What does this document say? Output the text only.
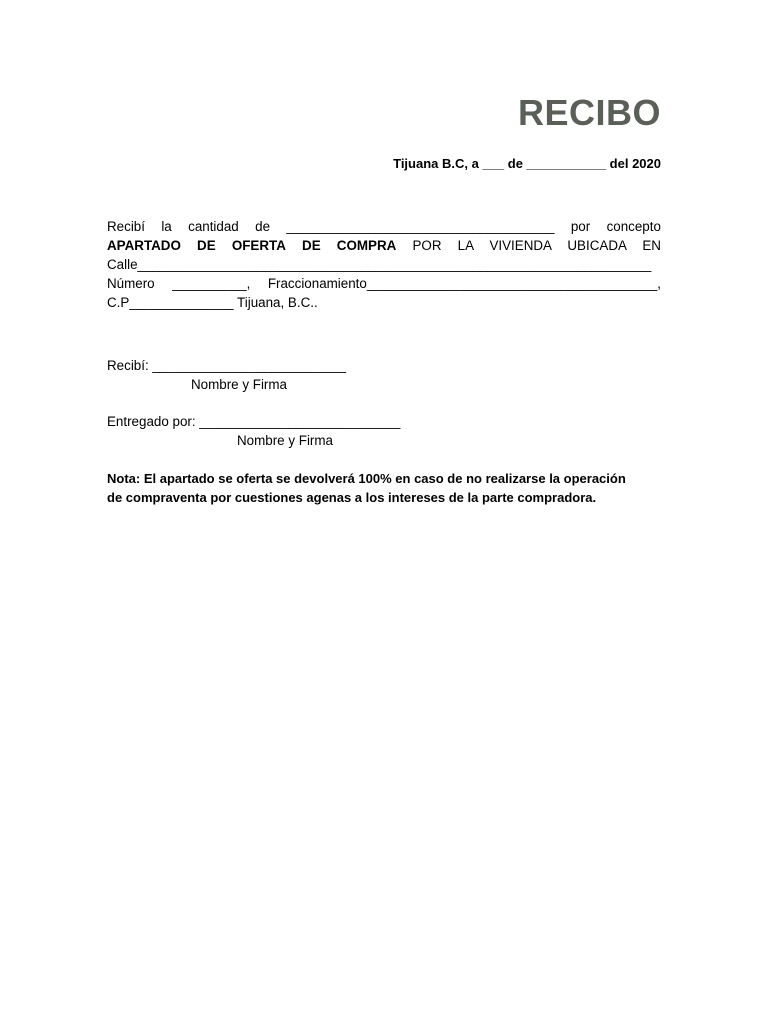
RECIBO
Tijuana B.C, a ___ de ___________ del 2020
Recibí la cantidad de ____________________________________ por concepto
APARTADO DE OFERTA DE COMPRA POR LA VIVIENDA UBICADA EN
Calle_____________________________________________________________________
Número __________, Fraccionamiento_______________________________________,
C.P______________ Tijuana, B.C..
Recibí: __________________________
Nombre y Firma
Entregado por: ___________________________
Nombre y Firma
Nota: El apartado se oferta se devolverá 100% en caso de no realizarse la operación
de compraventa por cuestiones agenas a los intereses de la parte compradora.
